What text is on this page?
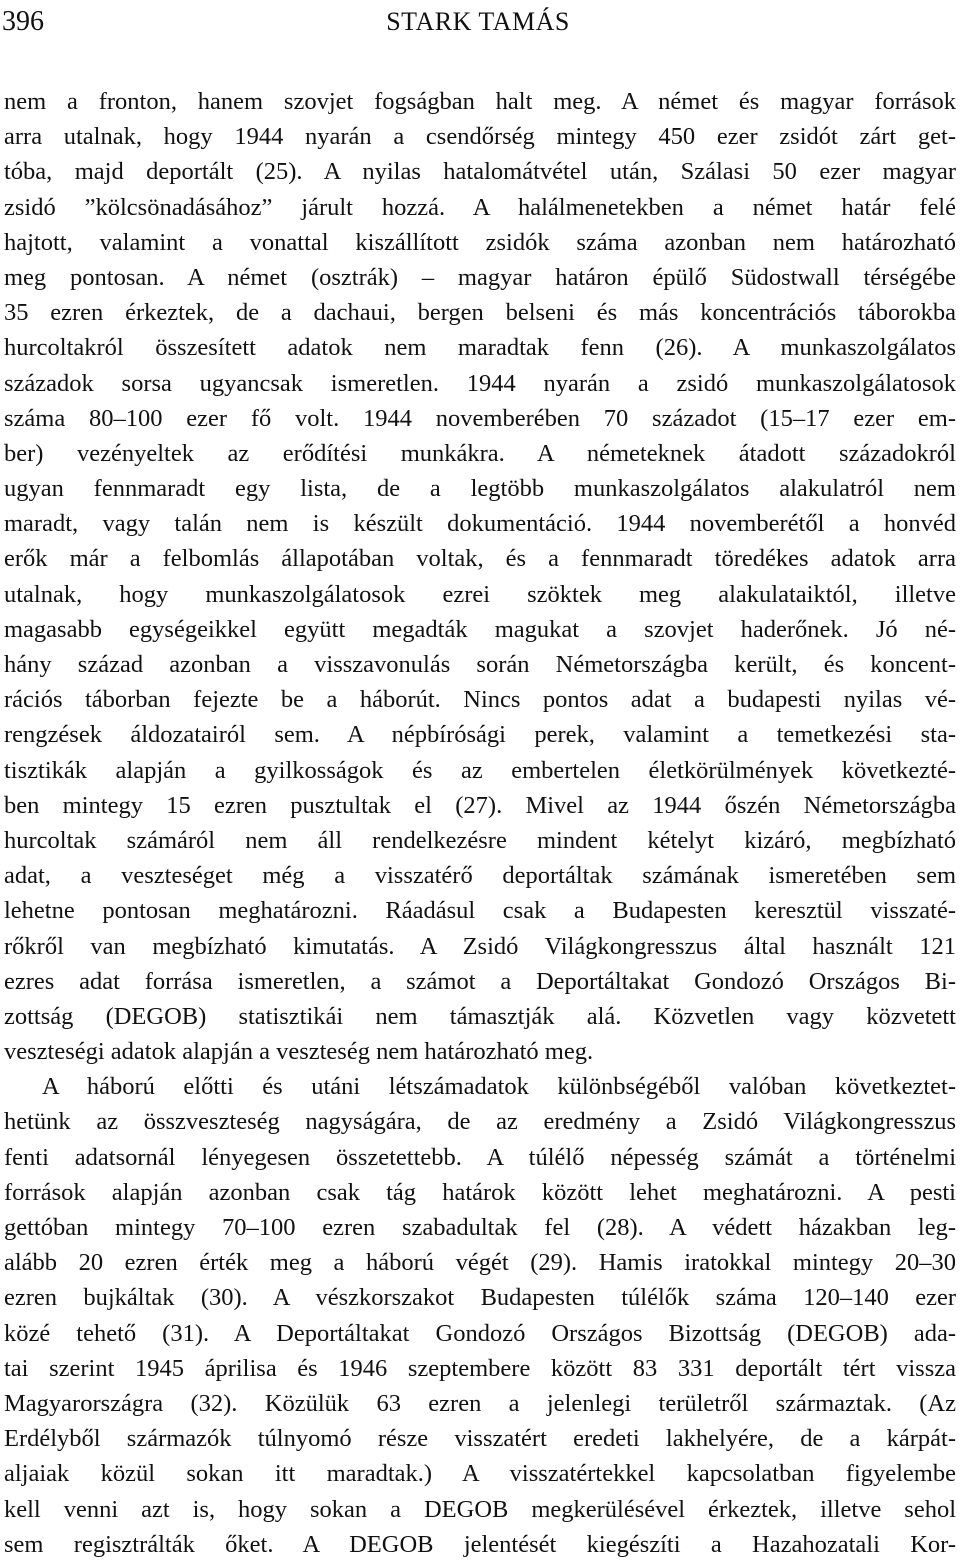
396	STARK TAMÁS
nem a fronton, hanem szovjet fogságban halt meg. A német és magyar források
arra utalnak, hogy 1944 nyarán a csendőrség mintegy 450 ezer zsidót zárt get-
tóba, majd deportált (25). A nyilas hatalomátvétel után, Szálasi 50 ezer magyar
zsidó ”kölcsönadásához” járult hozzá. A halálmenetekben a német határ felé
hajtott, valamint a vonattal kiszállított zsidók száma azonban nem határozható
meg pontosan. A német (osztrák) – magyar határon épülő Südostwall térségébe
35 ezren érkeztek, de a dachaui, bergen belseni és más koncentrációs táborokba
hurcoltakról összesített adatok nem maradtak fenn (26). A munkaszolgálatos
századok sorsa ugyancsak ismeretlen. 1944 nyarán a zsidó munkaszolgálatosok
száma 80–100 ezer fő volt. 1944 novemberében 70 századot (15–17 ezer em-
ber) vezényeltek az erődítési munkákra. A németeknek átadott századokról
ugyan fennmaradt egy lista, de a legtöbb munkaszolgálatos alakulatról nem
maradt, vagy talán nem is készült dokumentáció. 1944 novemberétől a honvéd
erők már a felbomlás állapotában voltak, és a fennmaradt töredékes adatok arra
utalnak, hogy munkaszolgálatosok ezrei szöktek meg alakulataiktól, illetve
magasabb egységeikkel együtt megadták magukat a szovjet haderőnek. Jó né-
hány század azonban a visszavonulás során Németországba került, és koncent-
rációs táborban fejezte be a háborút. Nincs pontos adat a budapesti nyilas vé-
rengzések áldozatairól sem. A népbírósági perek, valamint a temetkezési sta-
tisztikák alapján a gyilkosságok és az embertelen életkörülmények következté-
ben mintegy 15 ezren pusztultak el (27). Mivel az 1944 őszén Németországba
hurcoltak számáról nem áll rendelkezésre mindent kételyt kizáró, megbízható
adat, a veszteséget még a visszatérő deportáltak számának ismeretében sem
lehetne pontosan meghatározni. Ráadásul csak a Budapesten keresztül visszaté-
rőkről van megbízható kimutatás. A Zsidó Világkongresszus által használt 121
ezres adat forrása ismeretlen, a számot a Deportáltakat Gondozó Országos Bi-
zottság (DEGOB) statisztikái nem támasztják alá. Közvetlen vagy közvetett
veszteségi adatok alapján a veszteség nem határozható meg.
A háború előtti és utáni létszámadatok különbségéből valóban következtet-
hetünk az összveszteség nagyságára, de az eredmény a Zsidó Világkongresszus
fenti adatsornál lényegesen összetettebb. A túlélő népesség számát a történelmi
források alapján azonban csak tág határok között lehet meghatározni. A pesti
gettóban mintegy 70–100 ezren szabadultak fel (28). A védett házakban leg-
alább 20 ezren érték meg a háború végét (29). Hamis iratokkal mintegy 20–30
ezren bujkáltak (30). A vészkorszakot Budapesten túlélők száma 120–140 ezer
közé tehető (31). A Deportáltakat Gondozó Országos Bizottság (DEGOB) ada-
tai szerint 1945 áprilisa és 1946 szeptembere között 83 331 deportált tért vissza
Magyarországra (32). Közülük 63 ezren a jelenlegi területről származtak. (Az
Erdélyből származók túlnyomó része visszatért eredeti lakhelyére, de a kárpát-
aljaiak közül sokan itt maradtak.) A visszatértekkel kapcsolatban figyelembe
kell venni azt is, hogy sokan a DEGOB megkerülésével érkeztek, illetve sehol
sem regisztrálták őket. A DEGOB jelentését kiegészíti a Hazahozatali Kor-
